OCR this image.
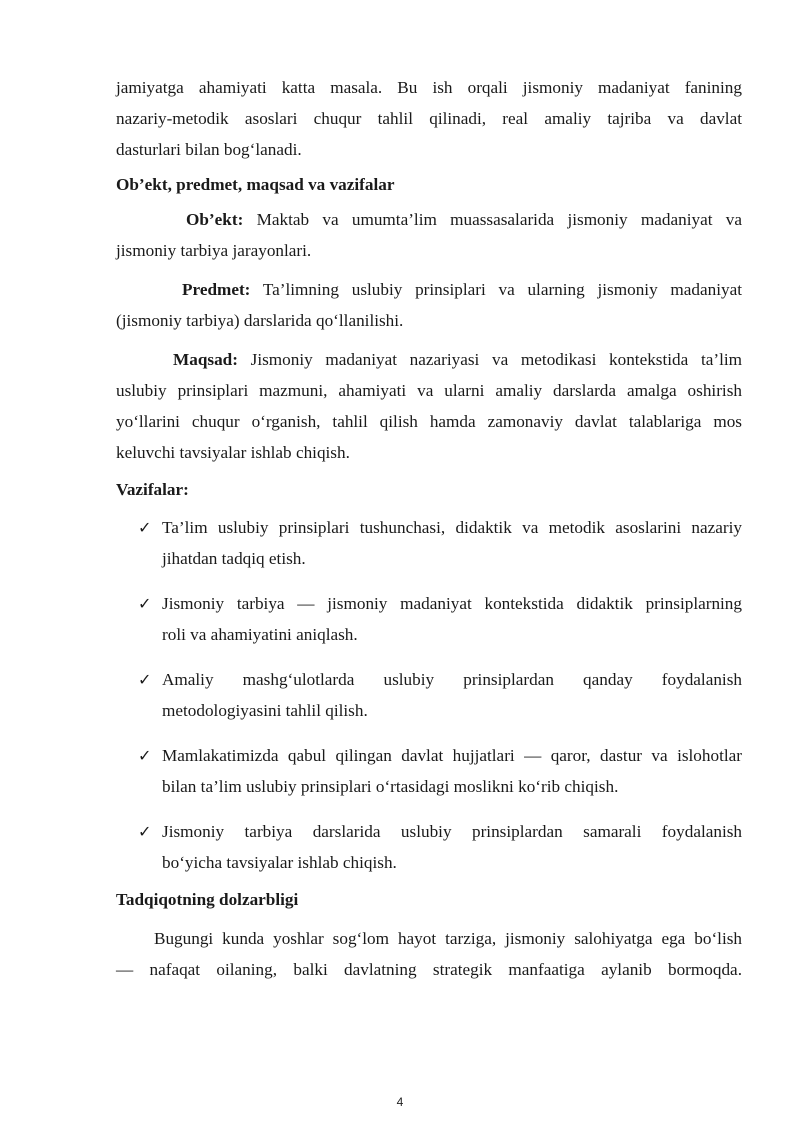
jamiyatga ahamiyati katta masala. Bu ish orqali jismoniy madaniyat fanining

nazariy-metodik asoslari chuqur tahlil qilinadi, real amaliy tajriba va davlat

dasturlari bilan bog‘lanadi.

Ob’ekt, predmet, maqsad va vazifalar

Ob’ekt: Maktab va umumta’lim muassasalarida jismoniy madaniyat va

jismoniy tarbiya jarayonlari.

Predmet: Ta’limning uslubiy prinsiplari va ularning jismoniy madaniyat

(jismoniy tarbiya) darslarida qo‘llanilishi.

Maqsad: Jismoniy madaniyat nazariyasi va metodikasi kontekstida ta’lim

uslubiy prinsiplari mazmuni, ahamiyati va ularni amaliy darslarda amalga oshirish

yo‘llarini chuqur o‘rganish, tahlil qilish hamda zamonaviy davlat talablariga mos

keluvchi tavsiyalar ishlab chiqish.

Vazifalar:

✓ Ta’lim uslubiy prinsiplari tushunchasi, didaktik va metodik asoslarini nazariy

jihatdan tadqiq etish.

✓ Jismoniy tarbiya — jismoniy madaniyat kontekstida didaktik prinsiplarning

roli va ahamiyatini aniqlash.

✓ Amaliy mashg‘ulotlarda uslubiy prinsiplardan qanday foydalanish

metodologiyasini tahlil qilish.

✓ Mamlakatimizda qabul qilingan davlat hujjatlari — qaror, dastur va islohotlar

bilan ta’lim uslubiy prinsiplari o‘rtasidagi moslikni ko‘rib chiqish.

✓ Jismoniy tarbiya darslarida uslubiy prinsiplardan samarali foydalanish

bo‘yicha tavsiyalar ishlab chiqish.

Tadqiqotning dolzarbligi

Bugungi kunda yoshlar sog‘lom hayot tarziga, jismoniy salohiyatga ega bo‘lish

— nafaqat oilaning, balki davlatning strategik manfaatiga aylanib bormoqda.

4
